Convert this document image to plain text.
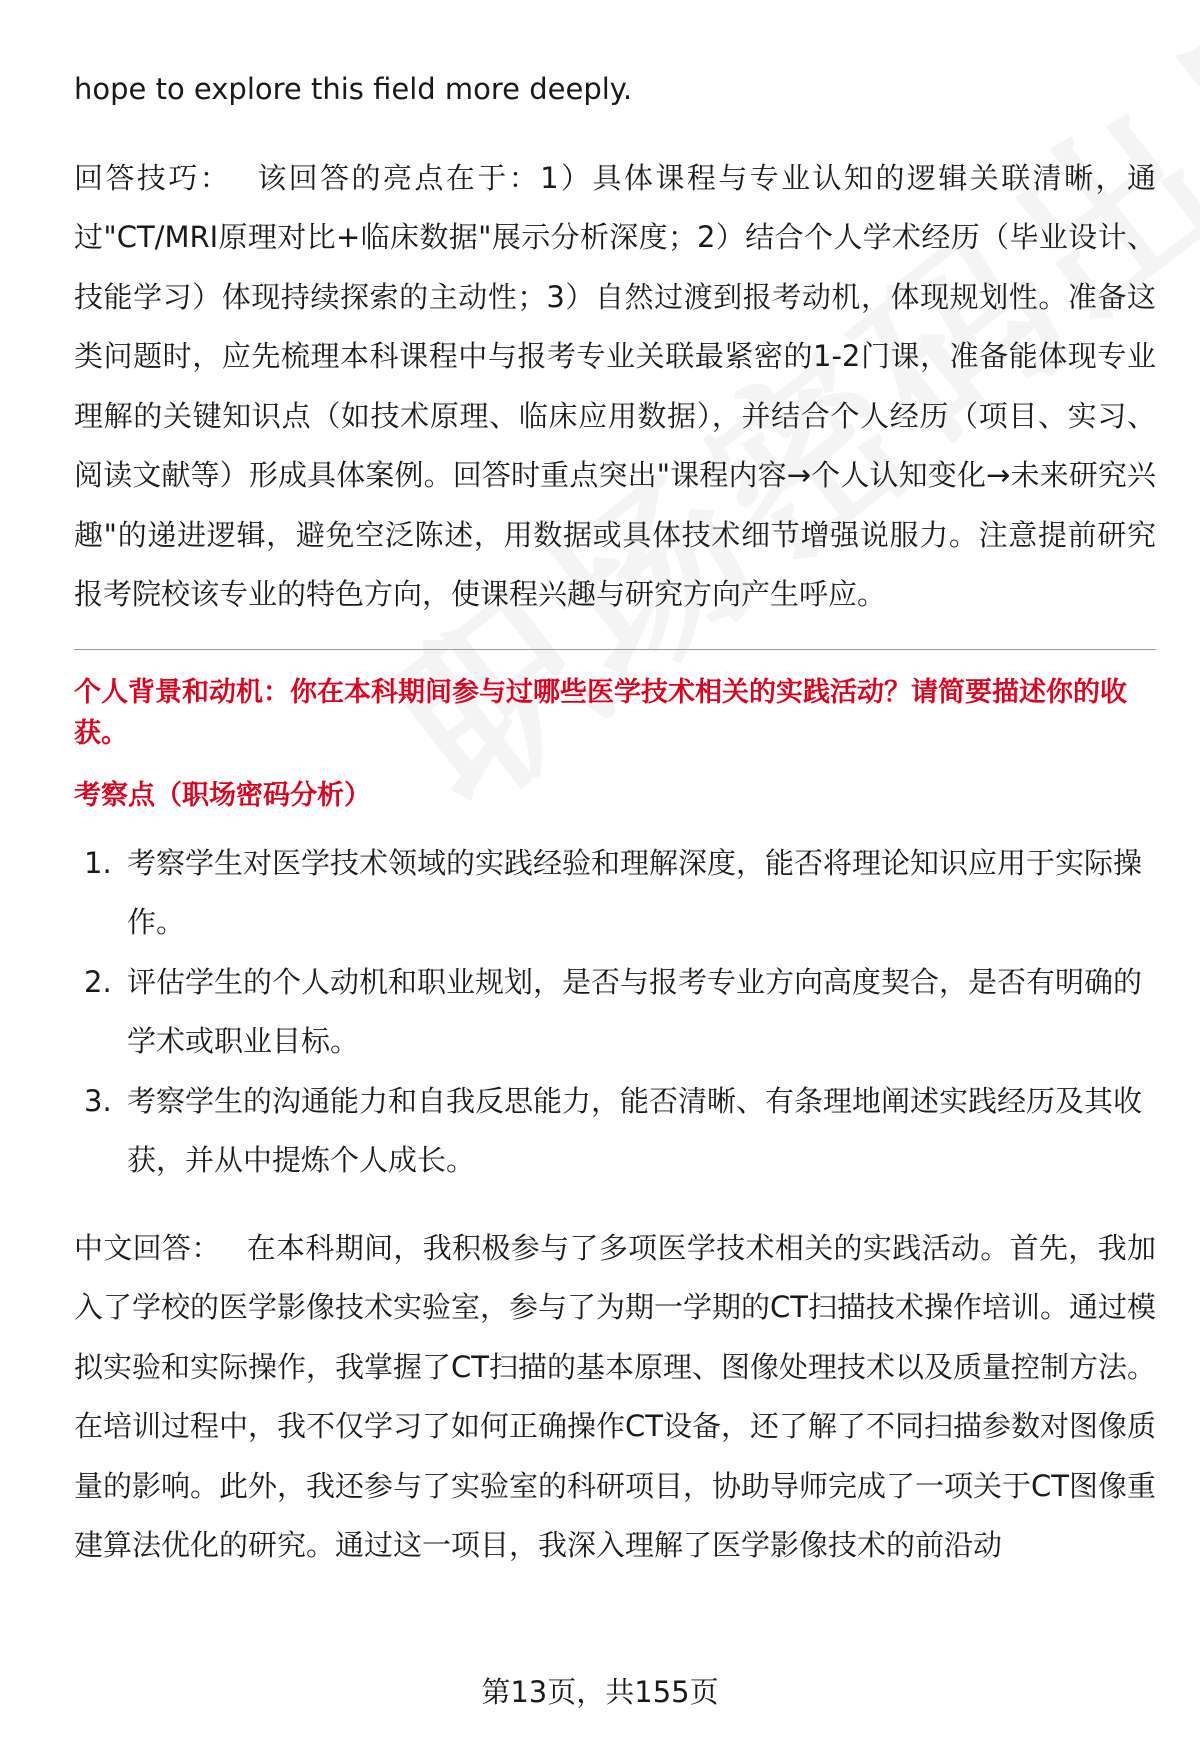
hope to explore this field more deeply.

回答技巧： 该回答的亮点在于：1）具体课程与专业认知的逻辑关联清晰，通过"CT/MRI原理对比+临床数据"展示分析深度；2）结合个人学术经历（毕业设计、技能学习）体现持续探索的主动性；3）自然过渡到报考动机，体现规划性。准备这类问题时，应先梳理本科课程中与报考专业关联最紧密的1-2门课，准备能体现专业理解的关键知识点（如技术原理、临床应用数据），并结合个人经历（项目、实习、阅读文献等）形成具体案例。回答时重点突出"课程内容→个人认知变化→未来研究兴趣"的递进逻辑，避免空泛陈述，用数据或具体技术细节增强说服力。注意提前研究报考院校该专业的特色方向，使课程兴趣与研究方向产生呼应。

个人背景和动机：你在本科期间参与过哪些医学技术相关的实践活动？请简要描述你的收获。

考察点（职场密码分析）

1. 考察学生对医学技术领域的实践经验和理解深度，能否将理论知识应用于实际操作。
2. 评估学生的个人动机和职业规划，是否与报考专业方向高度契合，是否有明确的学术或职业目标。
3. 考察学生的沟通能力和自我反思能力，能否清晰、有条理地阐述实践经历及其收获，并从中提炼个人成长。

中文回答： 在本科期间，我积极参与了多项医学技术相关的实践活动。首先，我加入了学校的医学影像技术实验室，参与了为期一学期的CT扫描技术操作培训。通过模拟实验和实际操作，我掌握了CT扫描的基本原理、图像处理技术以及质量控制方法。在培训过程中，我不仅学习了如何正确操作CT设备，还了解了不同扫描参数对图像质量的影响。此外，我还参与了实验室的科研项目，协助导师完成了一项关于CT图像重建算法优化的研究。通过这一项目，我深入理解了医学影像技术的前沿动

第13页，共155页
